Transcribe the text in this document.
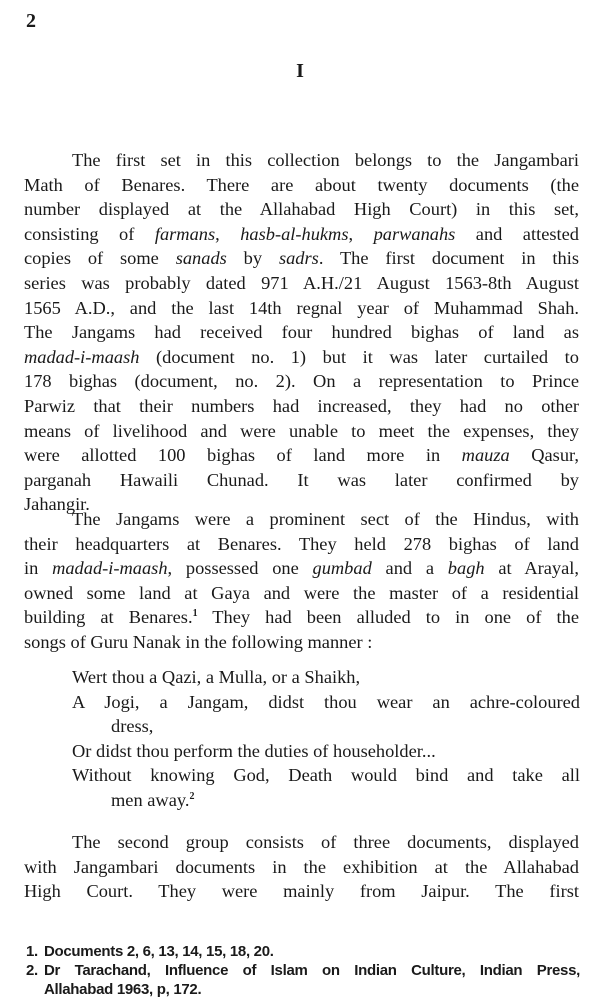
2
I
The first set in this collection belongs to the Jangambari
Math of Benares. There are about twenty documents (the
number displayed at the Allahabad High Court) in this set,
consisting of farmans, hasb-al-hukms, parwanahs and attested
copies of some sanads by sadrs. The first document in this
series was probably dated 971 A.H./21 August 1563-8th August
1565 A.D., and the last 14th regnal year of Muhammad Shah.
The Jangams had received four hundred bighas of land as
madad-i-maash (document no. 1) but it was later curtailed to
178 bighas (document, no. 2). On a representation to Prince
Parwiz that their numbers had increased, they had no other
means of livelihood and were unable to meet the expenses, they
were allotted 100 bighas of land more in mauza Qasur,
parganah Hawaili Chunad. It was later confirmed by
Jahangir.
The Jangams were a prominent sect of the Hindus, with
their headquarters at Benares. They held 278 bighas of land
in madad-i-maash, possessed one gumbad and a bagh at Arayal,
owned some land at Gaya and were the master of a residential
building at Benares.$^1$ They had been alluded to in one of the
songs of Guru Nanak in the following manner :
Wert thou a Qazi, a Mulla, or a Shaikh,
A Jogi, a Jangam, didst thou wear an achre-coloured
dress,
Or didst thou perform the duties of householder...
Without knowing God, Death would bind and take all
men away.$^2$
The second group consists of three documents, displayed
with Jangambari documents in the exhibition at the Allahabad
High Court. They were mainly from Jaipur. The first
1. Documents 2, 6, 13, 14, 15, 18, 20.
2. Dr Tarachand, Influence of Islam on Indian Culture, Indian Press,
Allahabad 1963, p, 172.
